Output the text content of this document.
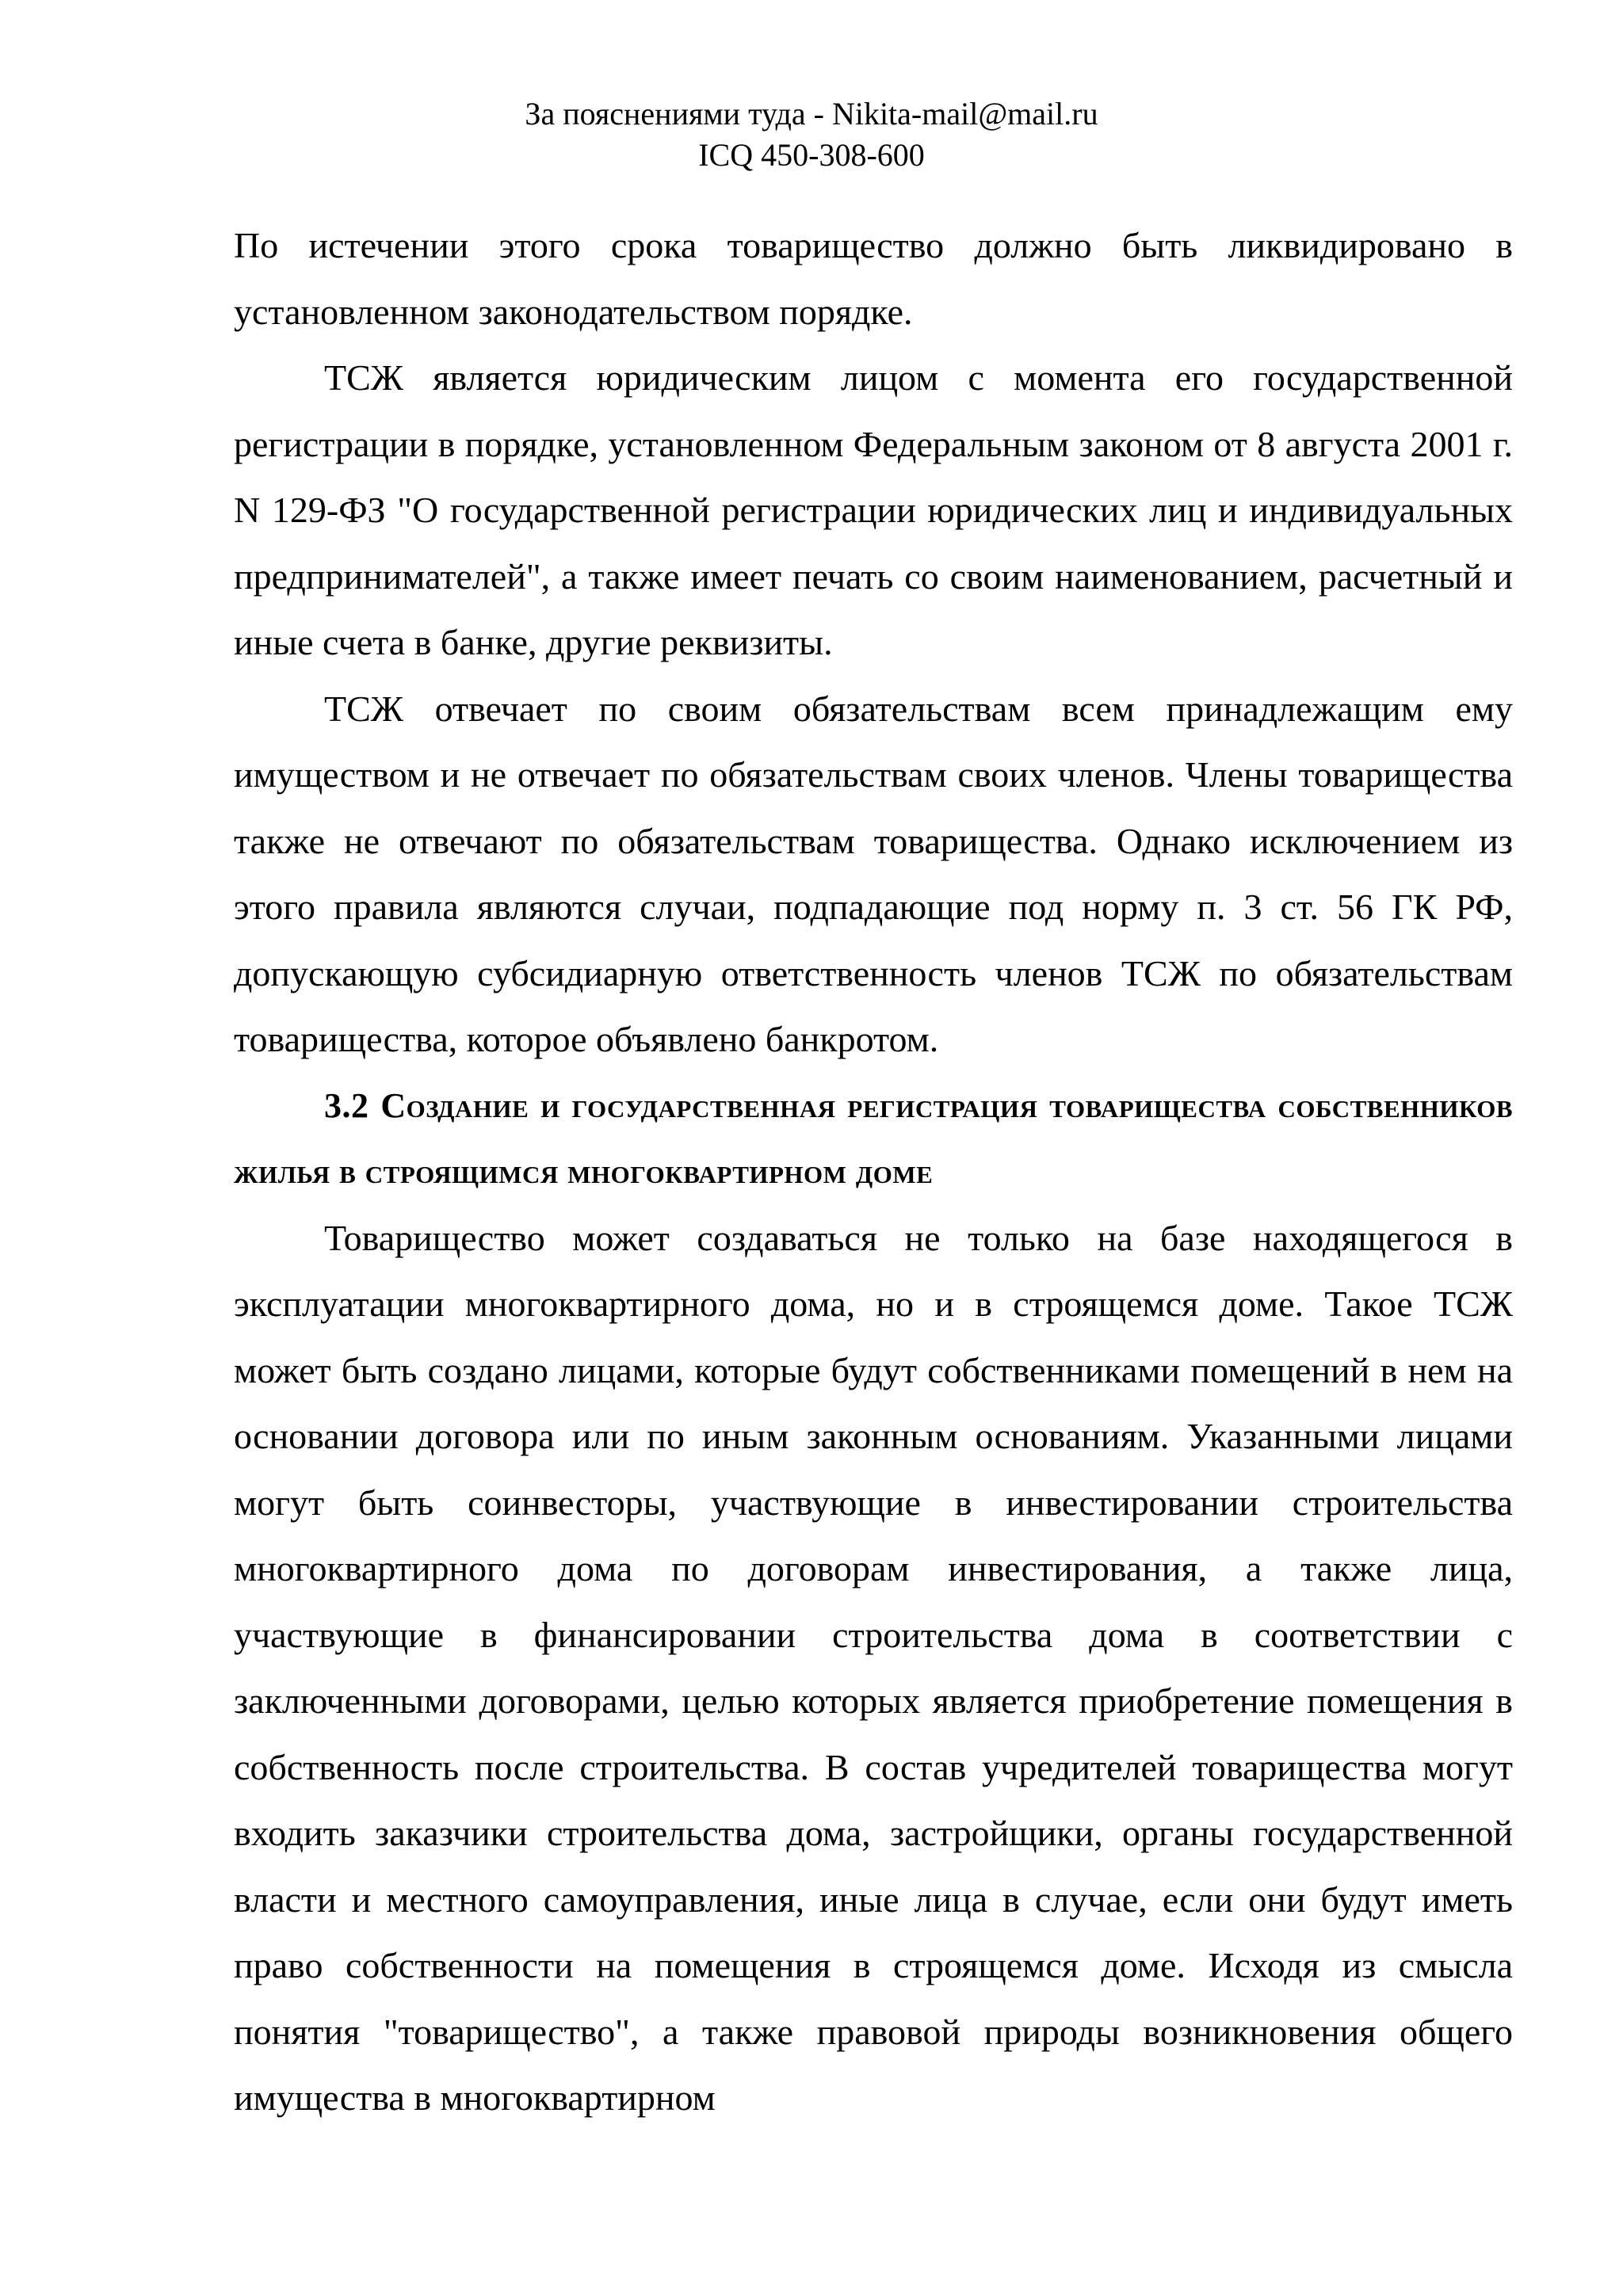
За пояснениями туда - Nikita-mail@mail.ru
ICQ 450-308-600

По истечении этого срока товарищество должно быть ликвидировано в установленном законодательством порядке.

ТСЖ является юридическим лицом с момента его государственной регистрации в порядке, установленном Федеральным законом от 8 августа 2001 г. N 129-ФЗ "О государственной регистрации юридических лиц и индивидуальных предпринимателей", а также имеет печать со своим наименованием, расчетный и иные счета в банке, другие реквизиты.

ТСЖ отвечает по своим обязательствам всем принадлежащим ему имуществом и не отвечает по обязательствам своих членов. Члены товарищества также не отвечают по обязательствам товарищества. Однако исключением из этого правила являются случаи, подпадающие под норму п. 3 ст. 56 ГК РФ, допускающую субсидиарную ответственность членов ТСЖ по обязательствам товарищества, которое объявлено банкротом.

3.2 Создание и государственная регистрация товарищества собственников жилья в строящимся многоквартирном доме

Товарищество может создаваться не только на базе находящегося в эксплуатации многоквартирного дома, но и в строящемся доме. Такое ТСЖ может быть создано лицами, которые будут собственниками помещений в нем на основании договора или по иным законным основаниям. Указанными лицами могут быть соинвесторы, участвующие в инвестировании строительства многоквартирного дома по договорам инвестирования, а также лица, участвующие в финансировании строительства дома в соответствии с заключенными договорами, целью которых является приобретение помещения в собственность после строительства. В состав учредителей товарищества могут входить заказчики строительства дома, застройщики, органы государственной власти и местного самоуправления, иные лица в случае, если они будут иметь право собственности на помещения в строящемся доме. Исходя из смысла понятия "товарищество", а также правовой природы возникновения общего имущества в многоквартирном
